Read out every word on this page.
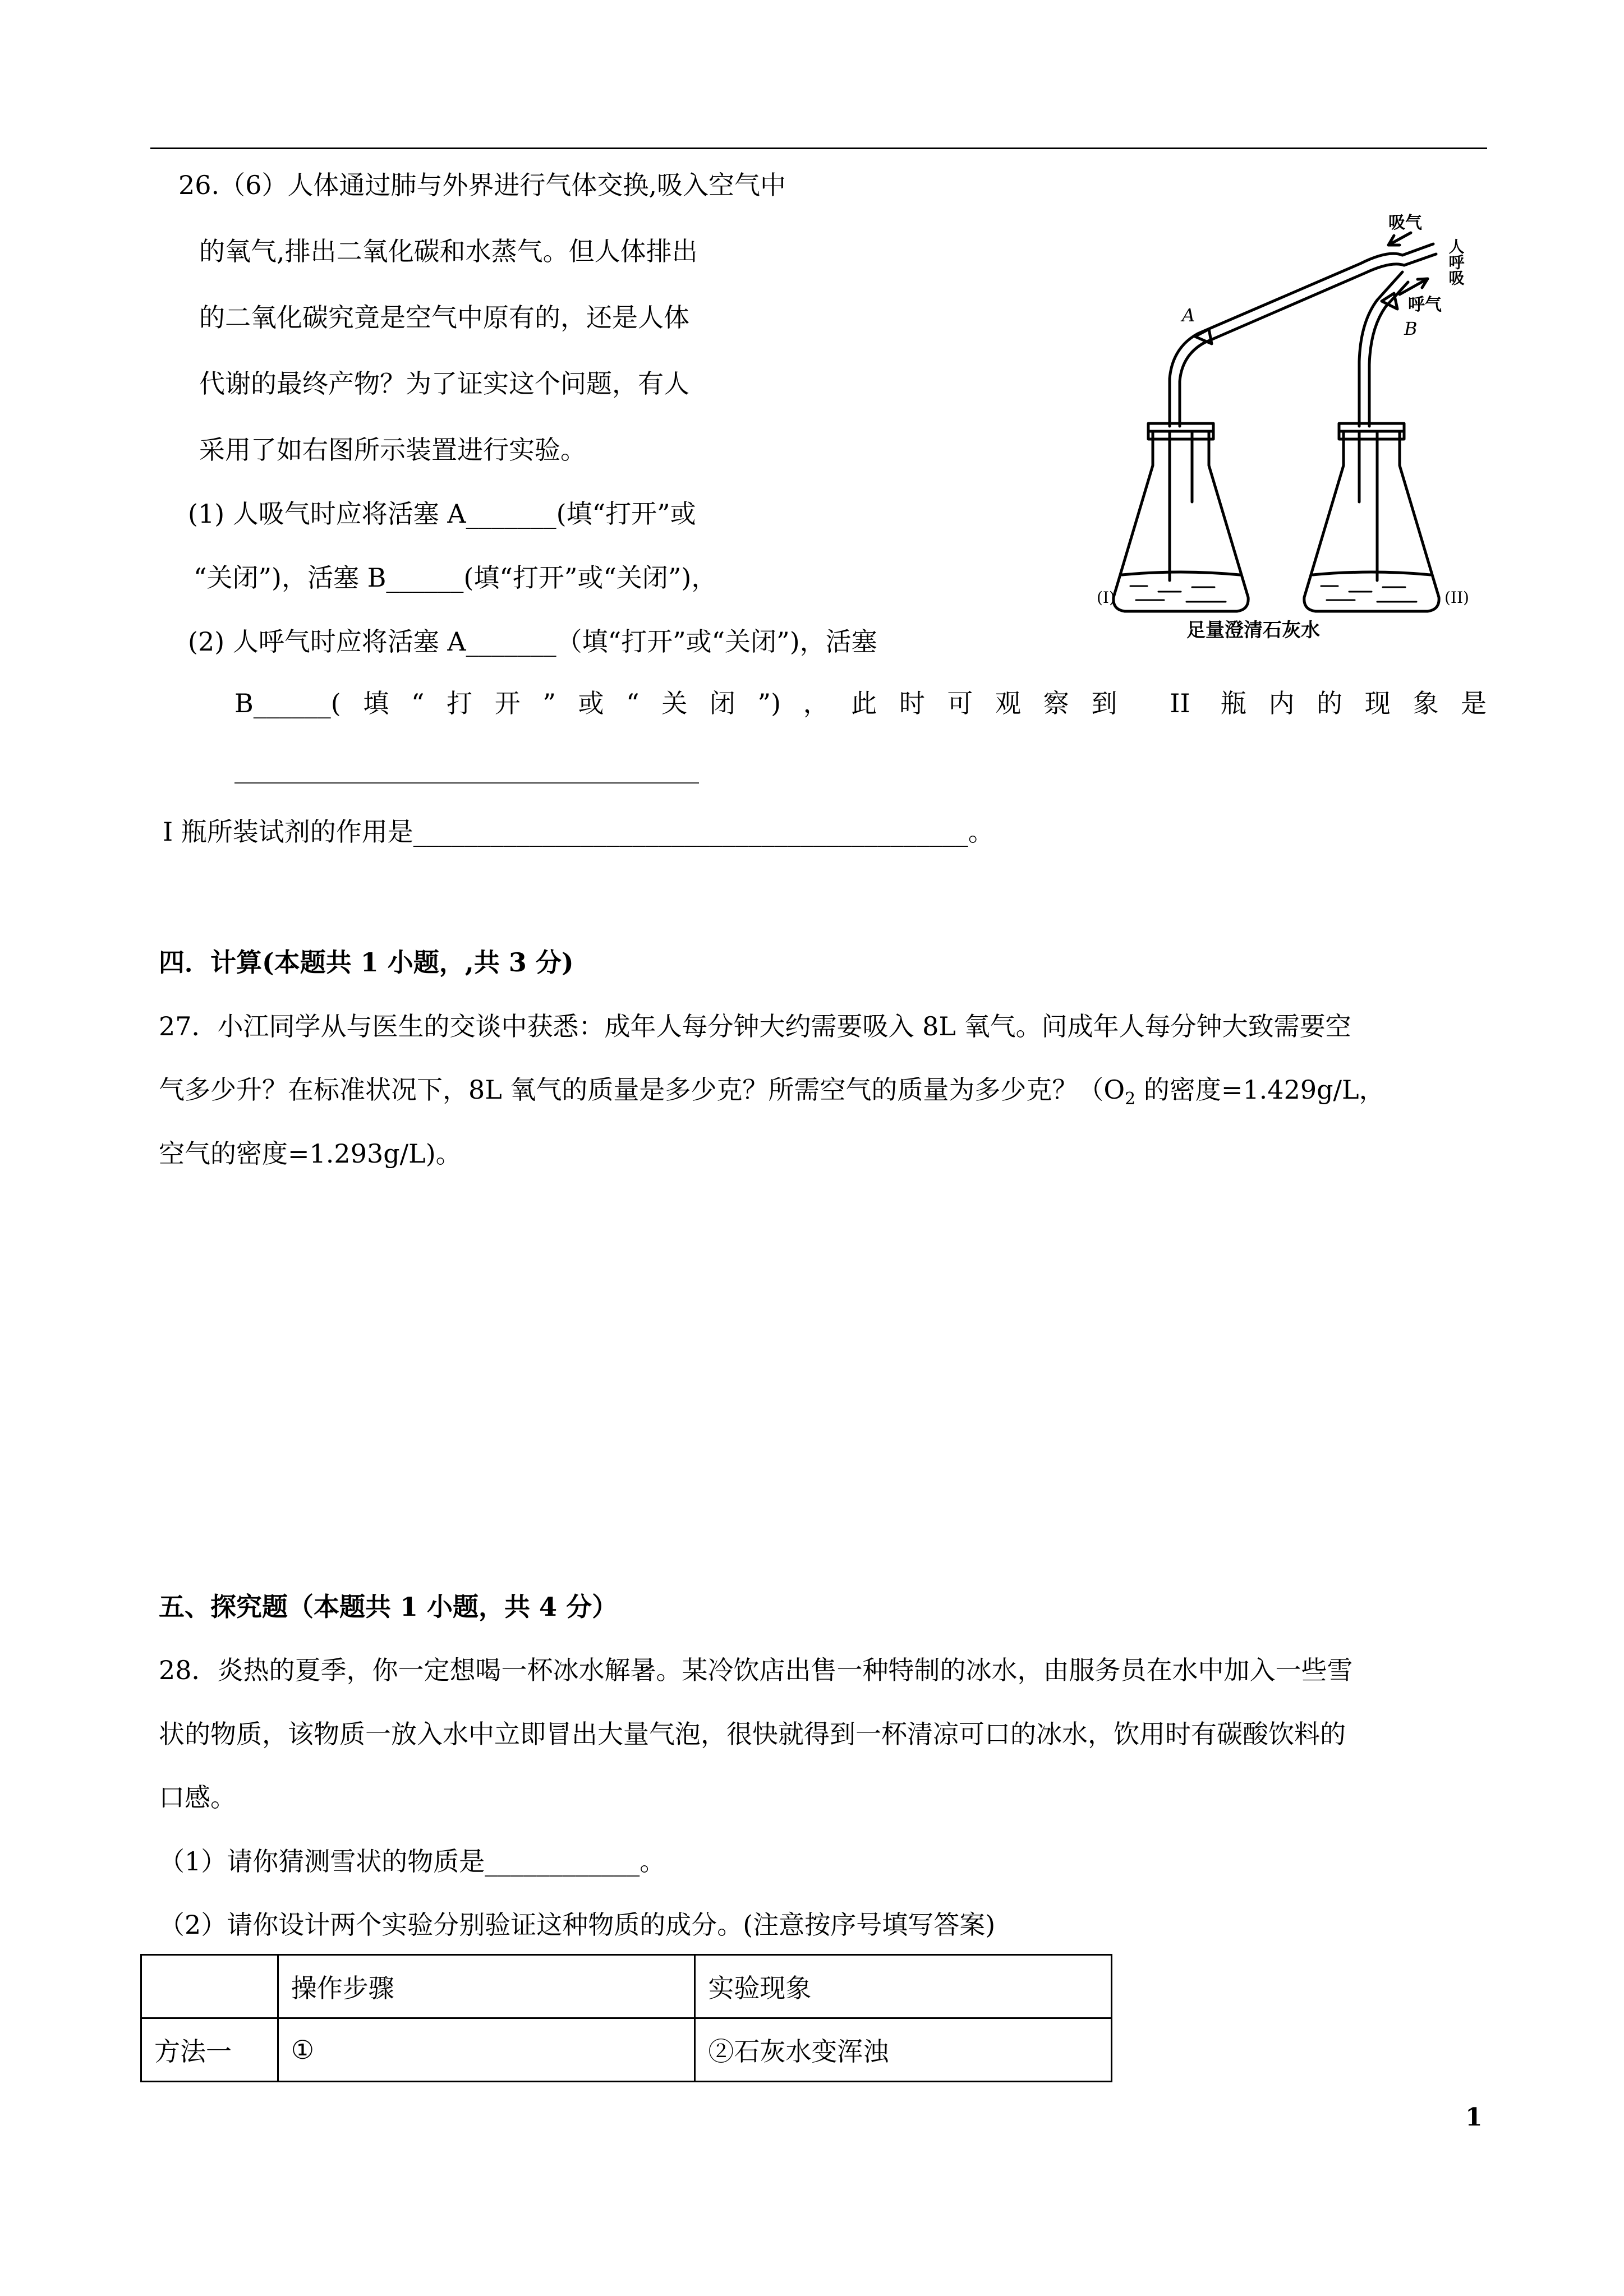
26.（6）人体通过肺与外界进行气体交换,吸入空气中
的氧气,排出二氧化碳和水蒸气。但人体排出
的二氧化碳究竟是空气中原有的，还是人体
代谢的最终产物？为了证实这个问题，有人
采用了如右图所示装置进行实验。
(1) 人吸气时应将活塞 A_______(填“打开”或
“关闭”)，活塞 B______(填“打开”或“关闭”)，
(2) 人呼气时应将活塞 A_______（填“打开”或“关闭”)，活塞
B______(填“打开”或“关闭”)，此时可观察到 II 瓶内的现象是
____________________________________
I 瓶所装试剂的作用是___________________________________________。
吸气
呼气
人呼吸
A
B
(I)	(II)
足量澄清石灰水
四．计算(本题共 1 小题，,共 3 分)
27．小江同学从与医生的交谈中获悉：成年人每分钟大约需要吸入 8L 氧气。问成年人每分钟大致需要空
气多少升？在标准状况下，8L 氧气的质量是多少克？所需空气的质量为多少克？（$O_2$ 的密度=1.429g/L，
空气的密度=1.293g/L)。
五、探究题（本题共 1 小题，共 4 分）
28．炎热的夏季，你一定想喝一杯冰水解暑。某冷饮店出售一种特制的冰水，由服务员在水中加入一些雪
状的物质，该物质一放入水中立即冒出大量气泡，很快就得到一杯清凉可口的冰水，饮用时有碳酸饮料的
口感。
（1）请你猜测雪状的物质是____________。
（2）请你设计两个实验分别验证这种物质的成分。(注意按序号填写答案)
	操作步骤	实验现象
方法一	①	②石灰水变浑浊
1
